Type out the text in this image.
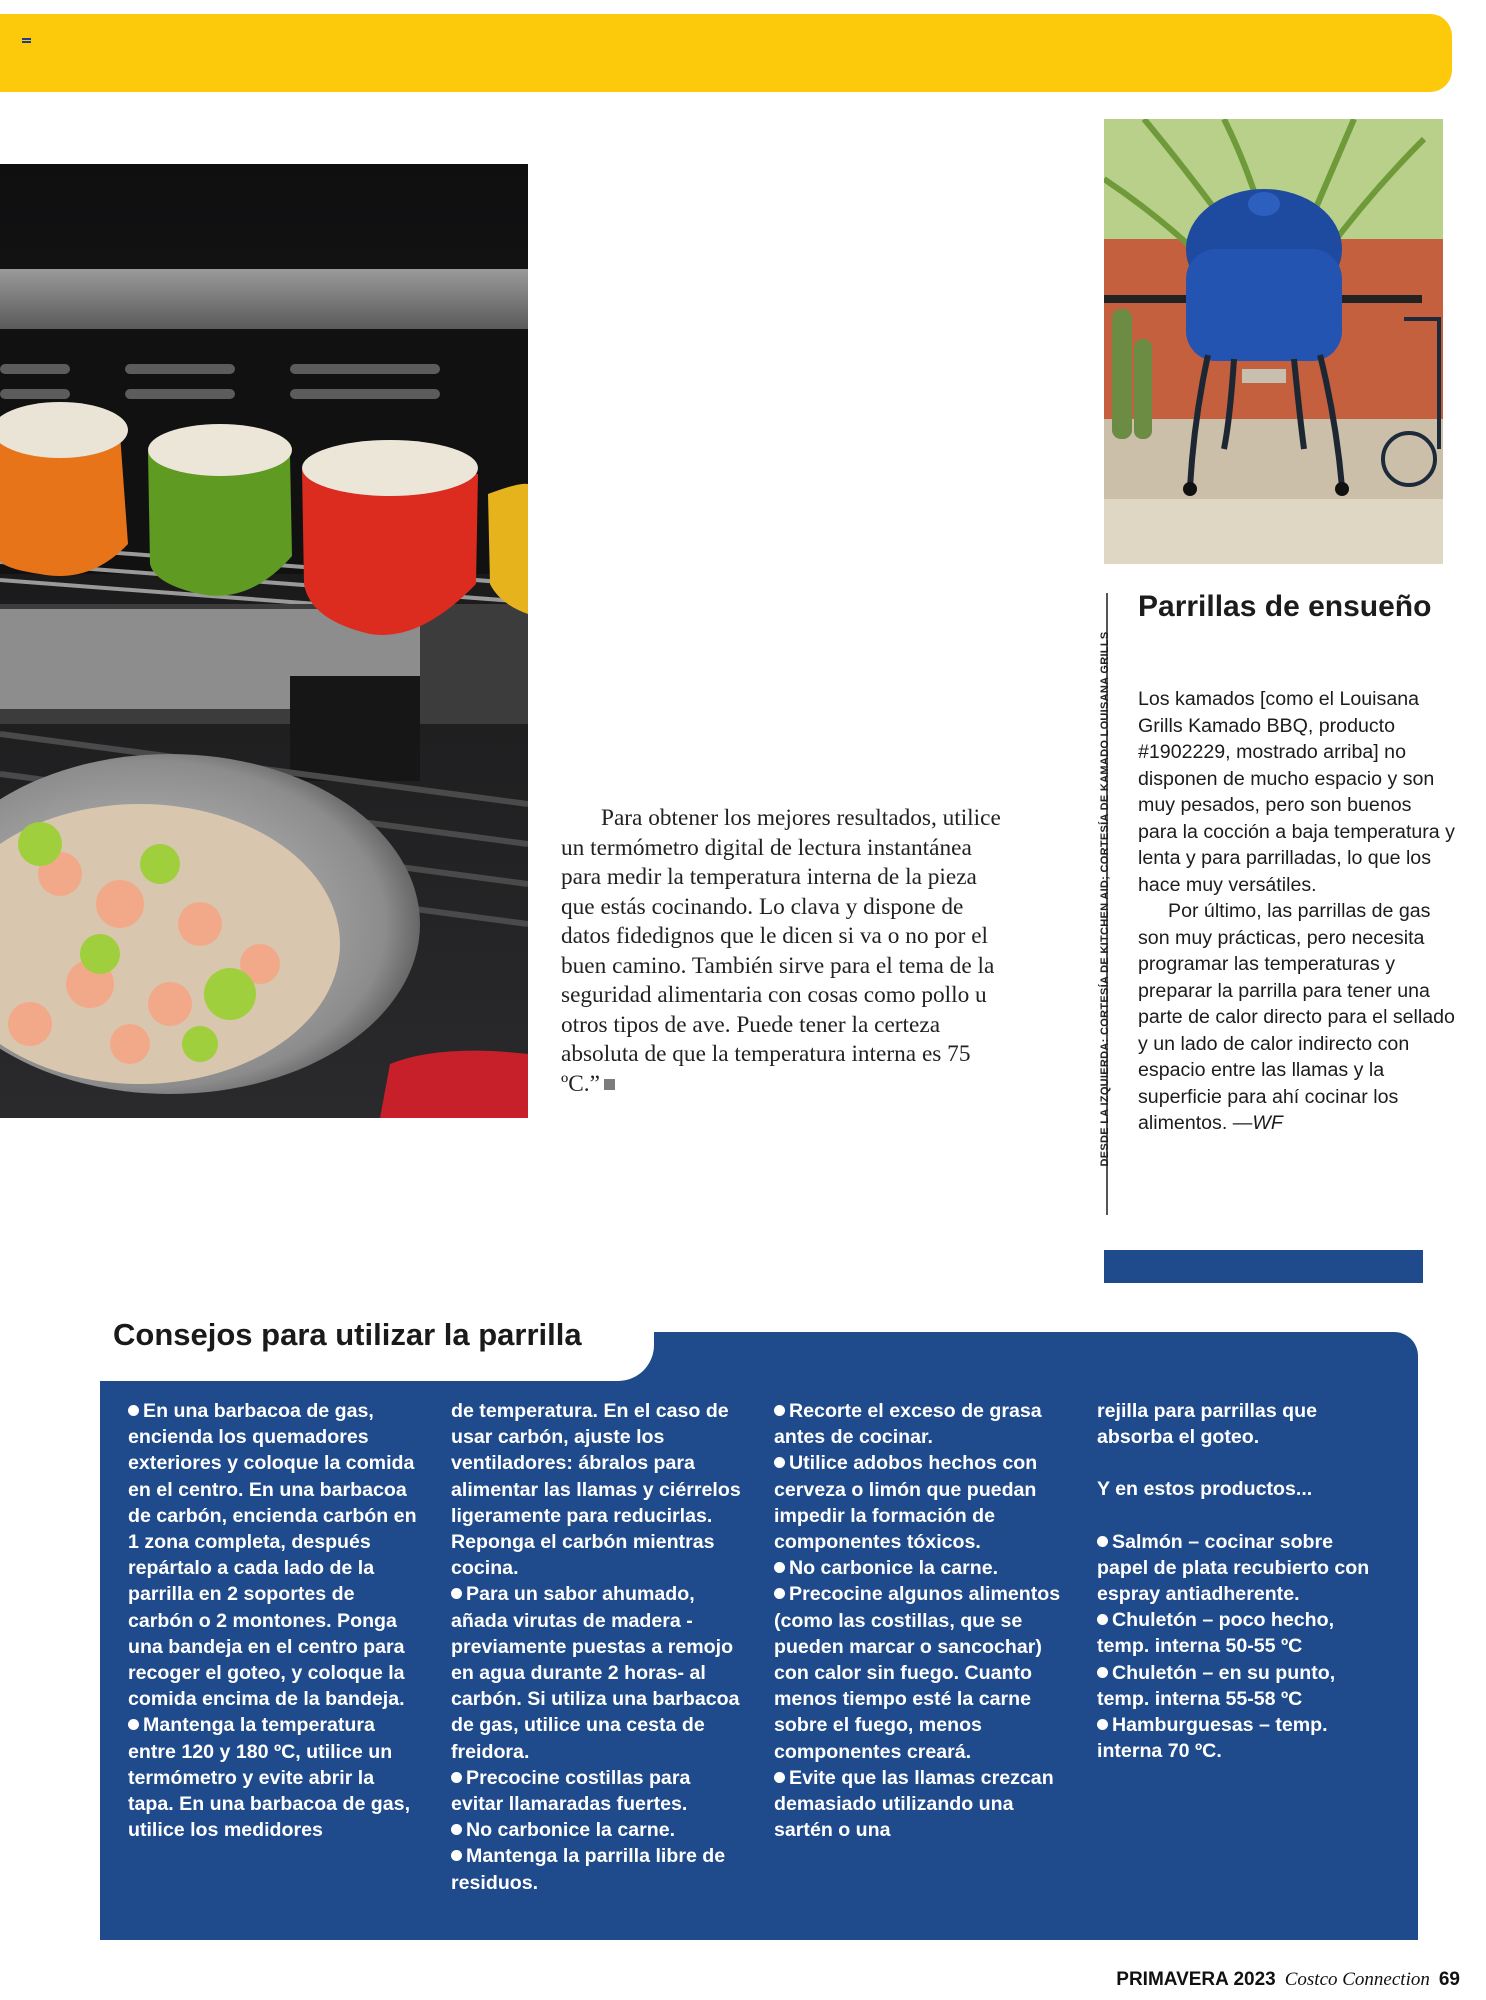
Para obtener los mejores resultados, utilice un termómetro digital de lectura instantánea para medir la temperatura interna de la pieza que estás cocinando. Lo clava y dispone de datos fidedignos que le dicen si va o no por el buen camino. También sirve para el tema de la seguridad alimentaria con cosas como pollo u otros tipos de ave. Puede tener la certeza absoluta de que la temperatura interna es 75 ºC.”	DESDE LA IZQUIERDA: CORTESÍA DE KITCHEN AID; CORTESÍA DE KAMADO LOUISANA GRILLS
Parrillas de ensueño

Los kamados [como el Louisana Grills Kamado BBQ, producto #1902229, mostrado arriba] no disponen de mucho espacio y son muy pesados, pero son buenos para la cocción a baja temperatura y lenta y para parrilladas, lo que los hace muy versátiles.

Por último, las parrillas de gas son muy prácticas, pero necesita programar las temperaturas y preparar la parrilla para tener una parte de calor directo para el sellado y un lado de calor indirecto con espacio entre las llamas y la superficie para ahí cocinar los alimentos. —WF

Consejos para utilizar la parrilla

En una barbacoa de gas, encienda los quemadores exteriores y coloque la comida en el centro. En una barbacoa de carbón, encienda carbón en 1 zona completa, después repártalo a cada lado de la parrilla en 2 soportes de carbón o 2 montones. Ponga una bandeja en el centro para recoger el goteo, y coloque la comida encima de la bandeja.

Mantenga la temperatura entre 120 y 180 ºC, utilice un termómetro y evite abrir la tapa. En una barbacoa de gas, utilice los medidores

de temperatura. En el caso de usar carbón, ajuste los ventiladores: ábralos para alimentar las llamas y ciérrelos ligeramente para reducirlas. Reponga el carbón mientras cocina.

Para un sabor ahumado, añada virutas de madera -previamente puestas a remojo en agua durante 2 horas- al carbón. Si utiliza una barbacoa de gas, utilice una cesta de freidora.

Precocine costillas para evitar llamaradas fuertes.

No carbonice la carne.

Mantenga la parrilla libre de residuos.

Recorte el exceso de grasa antes de cocinar.

Utilice adobos hechos con cerveza o limón que puedan impedir la formación de componentes tóxicos.

No carbonice la carne.

Precocine algunos alimentos (como las costillas, que se pueden marcar o sancochar) con calor sin fuego. Cuanto menos tiempo esté la carne sobre el fuego, menos componentes creará.

Evite que las llamas crezcan demasiado utilizando una sartén o una

rejilla para parrillas que absorba el goteo.

Y en estos productos...

Salmón – cocinar sobre papel de plata recubierto con espray antiadherente.

Chuletón – poco hecho, temp. interna 50-55 ºC

Chuletón – en su punto, temp. interna 55-58 ºC

Hamburguesas – temp. interna 70 ºC.

PRIMAVERA 2023 Costco Connection 69
